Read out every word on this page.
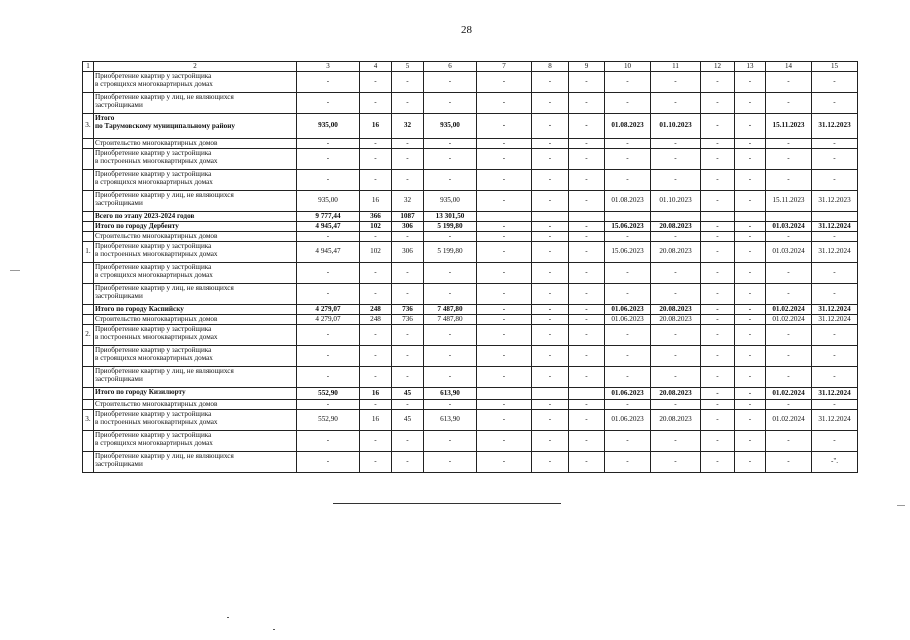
28
1	2	3	4	5	6	7	8	9	10	11	12	13	14	15

	Приобретение квартир у застройщика
в строящихся многоквартирных домах	-	-	-	-	-	-	-	-	-	-	-	-	-

	Приобретение квартир у лиц, не являющихся
застройщиками	-	-	-	-	-	-	-	-	-	-	-	-	-
3.	Итого
по Тарумовскому муниципальному району	935,00	16	32	935,00	-	-	-	01.08.2023	01.10.2023	-	-	15.11.2023	31.12.2023

	Строительство многоквартирных домов	-	-	-	-	-	-	-	-	-	-	-	-	-

	Приобретение квартир у застройщика
в построенных многоквартирных домах	-	-	-	-	-	-	-	-	-	-	-	-	-

	Приобретение квартир у застройщика
в строящихся многоквартирных домах	-	-	-	-	-	-	-	-	-	-	-	-	-

	Приобретение квартир у лиц, не являющихся
застройщиками	935,00	16	32	935,00	-	-	-	01.08.2023	01.10.2023	-	-	15.11.2023	31.12.2023

	Всего по этапу 2023-2024 годов	9 777,44	366	1087	13 301,50									

	Итого по городу Дербенту	4 945,47	102	306	5 199,80	-	-	-	15.06.2023	20.08.2023	-	-	01.03.2024	31.12.2024

	Строительство многоквартирных домов	-	-	-	-	-	-	-	-	-	-	-	-	-
1.	Приобретение квартир у застройщика
в построенных многоквартирных домах	4 945,47	102	306	5 199,80	-	-	-	15.06.2023	20.08.2023	-	-	01.03.2024	31.12.2024

	Приобретение квартир у застройщика
в строящихся многоквартирных домах	-	-	-	-	-	-	-	-	-	-	-	-	-

	Приобретение квартир у лиц, не являющихся
застройщиками	-	-	-	-	-	-	-	-	-	-	-	-	-

	Итого по городу Каспийску	4 279,07	248	736	7 487,80	-	-	-	01.06.2023	20.08.2023	-	-	01.02.2024	31.12.2024

	Строительство многоквартирных домов	4 279,07	248	736	7 487,80	-	-	-	01.06.2023	20.08.2023	-	-	01.02.2024	31.12.2024
2.	Приобретение квартир у застройщика
в построенных многоквартирных домах	-	-	-	-	-	-	-	-	-	-	-	-	-

	Приобретение квартир у застройщика
в строящихся многоквартирных домах	-	-	-	-	-	-	-	-	-	-	-	-	-

	Приобретение квартир у лиц, не являющихся
застройщиками	-	-	-	-	-	-	-	-	-	-	-	-	-

	Итого по городу Кизилюрту	552,90	16	45	613,90				01.06.2023	20.08.2023	-	-	01.02.2024	31.12.2024

	Строительство многоквартирных домов	-	-	-	-	-	-	-	-	-	-	-	-	-
3.	Приобретение квартир у застройщика
в построенных многоквартирных домах	552,90	16	45	613,90	-	-	-	01.06.2023	20.08.2023	-	-	01.02.2024	31.12.2024

	Приобретение квартир у застройщика
в строящихся многоквартирных домах	-	-	-	-	-	-	-	-	-	-	-	-	-

	Приобретение квартир у лиц, не являющихся
застройщиками	-	-	-	-	-	-	-	-	-	-	-	-	-".
